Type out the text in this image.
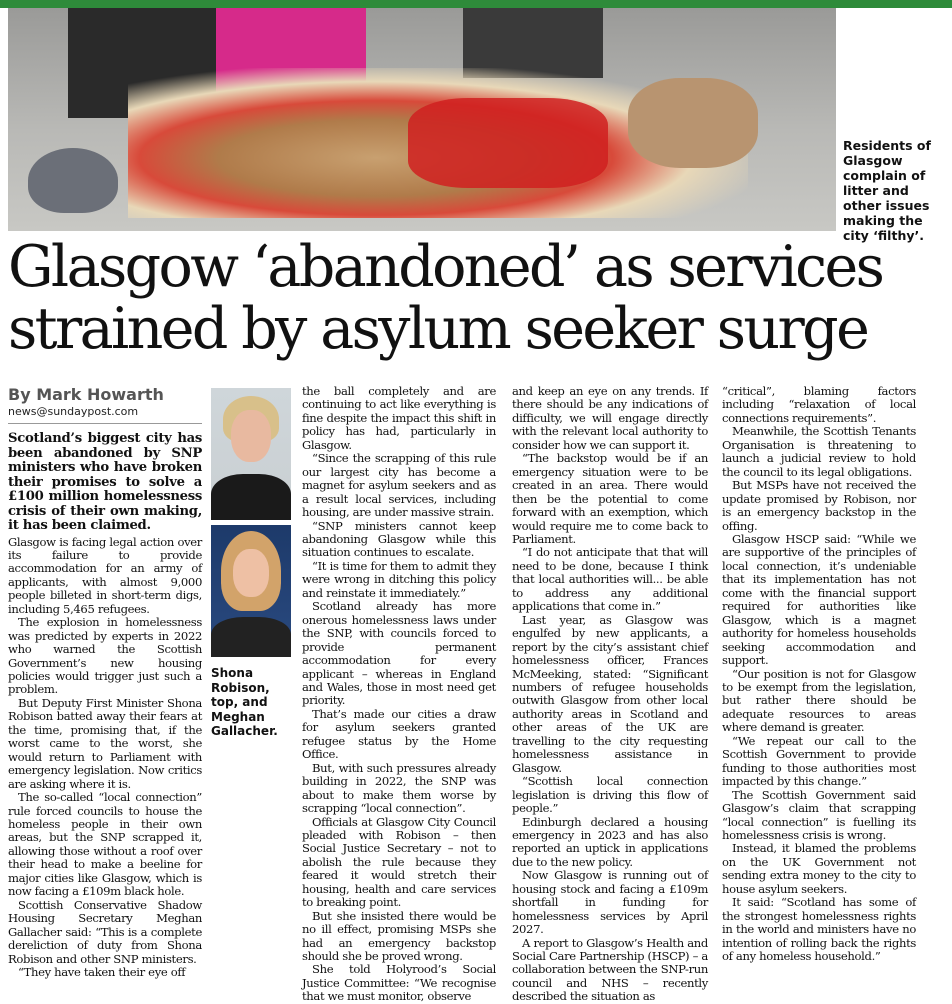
Residents of Glasgow complain of litter and other issues making the city ‘filthy’.
Glasgow ‘abandoned’ as services
strained by asylum seeker surge
By Mark Howarth
news@sundaypost.com

Scotland’s biggest city has been abandoned by SNP ministers who have broken their promises to solve a £100 million homelessness crisis of their own making, it has been claimed.

Glasgow is facing legal action over its failure to provide accommodation for an army of applicants, with almost 9,000 people billeted in short-term digs, including 5,465 refugees.

The explosion in homelessness was predicted by experts in 2022 who warned the Scottish Government’s new housing policies would trigger just such a problem.

But Deputy First Minister Shona Robison batted away their fears at the time, promising that, if the worst came to the worst, she would return to Parliament with emergency legislation. Now critics are asking where it is.

The so-called “local connection” rule forced councils to house the homeless people in their own areas, but the SNP scrapped it, allowing those without a roof over their head to make a beeline for major cities like Glasgow, which is now facing a £109m black hole.

Scottish Conservative Shadow Housing Secretary Meghan Gallacher said: “This is a complete dereliction of duty from Shona Robison and other SNP ministers.

“They have taken their eye off

Shona Robison, top, and Meghan Gallacher.

the ball completely and are continuing to act like everything is fine despite the impact this shift in policy has had, particularly in Glasgow.

“Since the scrapping of this rule our largest city has become a magnet for asylum seekers and as a result local services, including housing, are under massive strain.

“SNP ministers cannot keep abandoning Glasgow while this situation continues to escalate.

“It is time for them to admit they were wrong in ditching this policy and reinstate it immediately.”

Scotland already has more onerous homelessness laws under the SNP, with councils forced to provide permanent accommodation for every applicant – whereas in England and Wales, those in most need get priority.

That’s made our cities a draw for asylum seekers granted refugee status by the Home Office.

But, with such pressures already building in 2022, the SNP was about to make them worse by scrapping “local connection”.

Officials at Glasgow City Council pleaded with Robison – then Social Justice Secretary – not to abolish the rule because they feared it would stretch their housing, health and care services to breaking point.

But she insisted there would be no ill effect, promising MSPs she had an emergency backstop should she be proved wrong.

She told Holyrood’s Social Justice Committee: “We recognise that we must monitor, observe

and keep an eye on any trends. If there should be any indications of difficulty, we will engage directly with the relevant local authority to consider how we can support it.

“The backstop would be if an emergency situation were to be created in an area. There would then be the potential to come forward with an exemption, which would require me to come back to Parliament.

“I do not anticipate that that will need to be done, because I think that local authorities will... be able to address any additional applications that come in.”

Last year, as Glasgow was engulfed by new applicants, a report by the city’s assistant chief homelessness officer, Frances McMeeking, stated: “Significant numbers of refugee households outwith Glasgow from other local authority areas in Scotland and other areas of the UK are travelling to the city requesting homelessness assistance in Glasgow.

“Scottish local connection legislation is driving this flow of people.”

Edinburgh declared a housing emergency in 2023 and has also reported an uptick in applications due to the new policy.

Now Glasgow is running out of housing stock and facing a £109m shortfall in funding for homelessness services by April 2027.

A report to Glasgow’s Health and Social Care Partnership (HSCP) – a collaboration between the SNP-run council and NHS – recently described the situation as

“critical”, blaming factors including “relaxation of local connections requirements”.

Meanwhile, the Scottish Tenants Organisation is threatening to launch a judicial review to hold the council to its legal obligations.

But MSPs have not received the update promised by Robison, nor is an emergency backstop in the offing.

Glasgow HSCP said: “While we are supportive of the principles of local connection, it’s undeniable that its implementation has not come with the financial support required for authorities like Glasgow, which is a magnet authority for homeless households seeking accommodation and support.

“Our position is not for Glasgow to be exempt from the legislation, but rather there should be adequate resources to areas where demand is greater.

“We repeat our call to the Scottish Government to provide funding to those authorities most impacted by this change.”

The Scottish Government said Glasgow’s claim that scrapping “local connection” is fuelling its homelessness crisis is wrong.

Instead, it blamed the problems on the UK Government not sending extra money to the city to house asylum seekers.

It said: “Scotland has some of the strongest homelessness rights in the world and ministers have no intention of rolling back the rights of any homeless household.”
